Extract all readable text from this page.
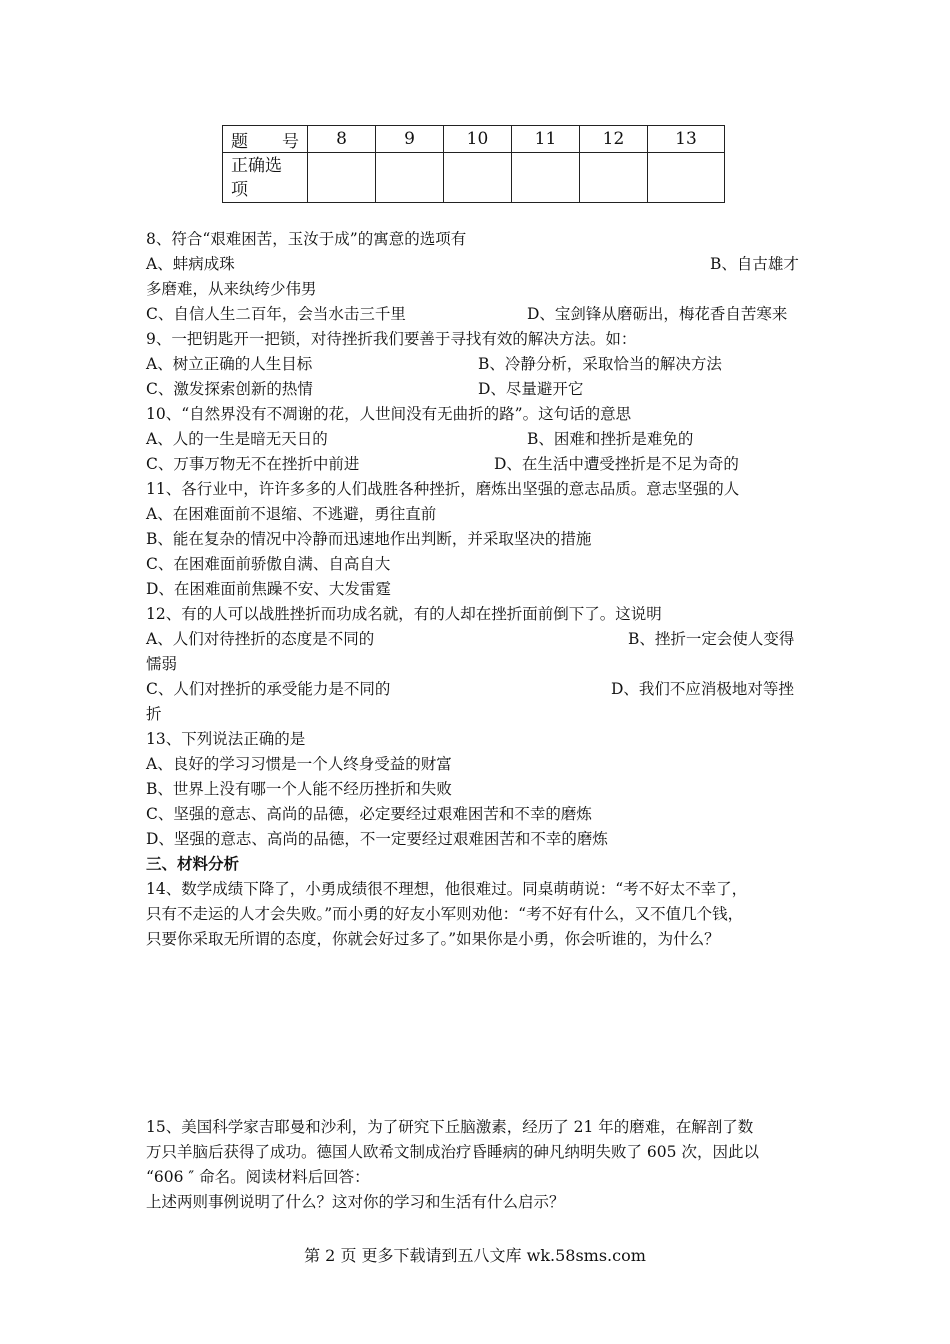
题 号	8	9	10	11	12	13
正确选
项						
8、符合“艰难困苦，玉汝于成”的寓意的选项有
A、蚌病成珠	B、自古雄才
多磨难，从来纨绔少伟男
C、自信人生二百年，会当水击三千里	D、宝剑锋从磨砺出，梅花香自苦寒来
9、一把钥匙开一把锁，对待挫折我们要善于寻找有效的解决方法。如：
A、树立正确的人生目标	B、冷静分析，采取恰当的解决方法
C、激发探索创新的热情	D、尽量避开它
10、“自然界没有不凋谢的花，人世间没有无曲折的路”。这句话的意思
A、人的一生是暗无天日的	B、困难和挫折是难免的
C、万事万物无不在挫折中前进	D、在生活中遭受挫折是不足为奇的
11、各行业中，许许多多的人们战胜各种挫折，磨炼出坚强的意志品质。意志坚强的人
A、在困难面前不退缩、不逃避，勇往直前
B、能在复杂的情况中冷静而迅速地作出判断，并采取坚决的措施
C、在困难面前骄傲自满、自高自大
D、在困难面前焦躁不安、大发雷霆
12、有的人可以战胜挫折而功成名就，有的人却在挫折面前倒下了。这说明
A、人们对待挫折的态度是不同的	B、挫折一定会使人变得
懦弱
C、人们对挫折的承受能力是不同的	D、我们不应消极地对等挫
折
13、下列说法正确的是
A、良好的学习习惯是一个人终身受益的财富
B、世界上没有哪一个人能不经历挫折和失败
C、坚强的意志、高尚的品德，必定要经过艰难困苦和不幸的磨炼
D、坚强的意志、高尚的品德，不一定要经过艰难困苦和不幸的磨炼
三、材料分析
14、数学成绩下降了，小勇成绩很不理想，他很难过。同桌萌萌说：“考不好太不幸了，
只有不走运的人才会失败。”而小勇的好友小军则劝他：“考不好有什么，又不值几个钱，
只要你采取无所谓的态度，你就会好过多了。”如果你是小勇，你会听谁的，为什么？
15、美国科学家吉耶曼和沙利，为了研究下丘脑激素，经历了 21 年的磨难，在解剖了数
万只羊脑后获得了成功。德国人欧希文制成治疗昏睡病的砷凡纳明失败了 605 次，因此以
“606 ″ 命名。阅读材料后回答：
上述两则事例说明了什么？这对你的学习和生活有什么启示？
第 2 页 更多下载请到五八文库 wk.58sms.com
